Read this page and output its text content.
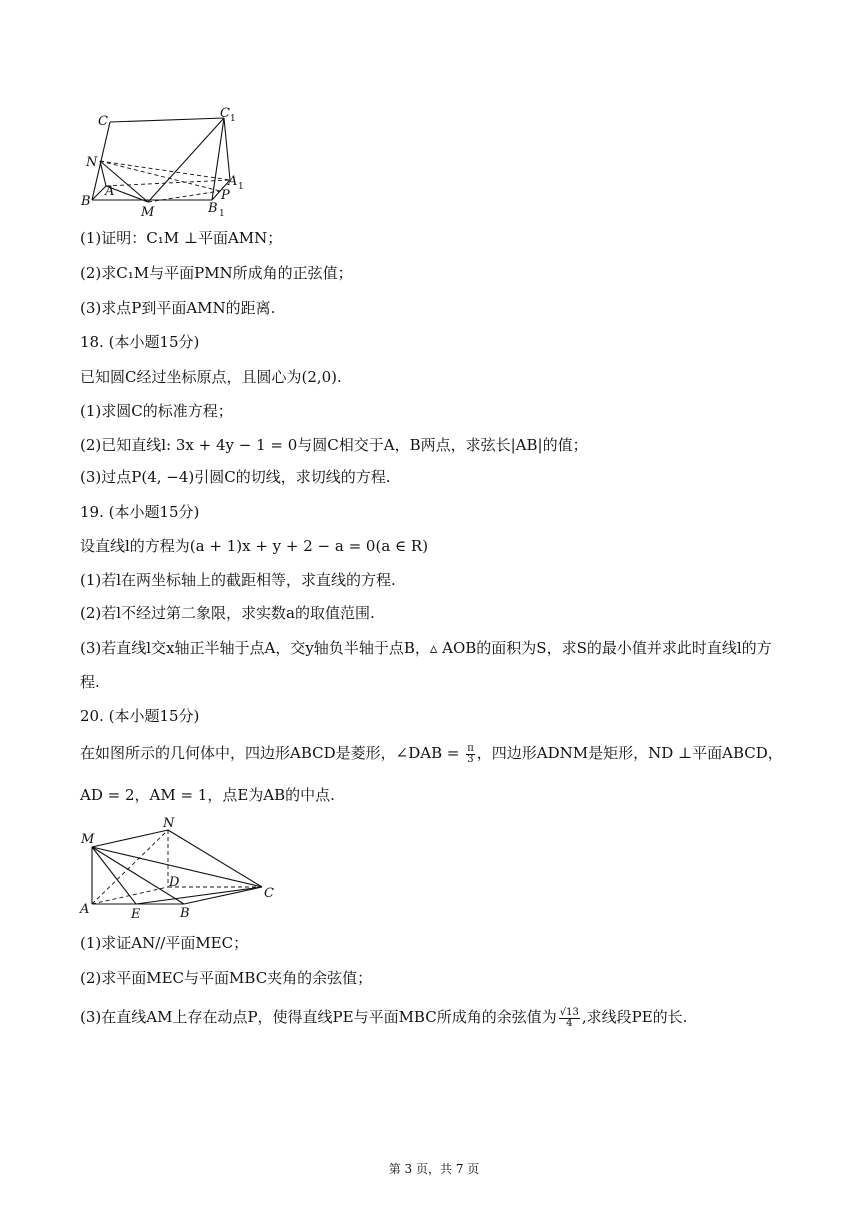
C
C 1
N
A
A 1
P
B
M	B 1
(1)证明：C₁M ⊥平面AMN；
(2)求C₁M与平面PMN所成角的正弦值；
(3)求点P到平面AMN的距离.
18. (本小题15分)
已知圆C经过坐标原点，且圆心为(2,0).
(1)求圆C的标准方程；
(2)已知直线l: 3x + 4y − 1 = 0与圆C相交于A，B两点，求弦长|AB|的值；
(3)过点P(4, −4)引圆C的切线，求切线的方程.
19. (本小题15分)
设直线l的方程为(a + 1)x + y + 2 − a = 0(a ∈ R)
(1)若l在两坐标轴上的截距相等，求直线的方程.
(2)若l不经过第二象限，求实数a的取值范围.
(3)若直线l交x轴正半轴于点A，交y轴负半轴于点B，▵ AOB的面积为S，求S的最小值并求此时直线l的方
程.
20. (本小题15分)
在如图所示的几何体中，四边形ABCD是菱形，∠DAB = $\frac{\pi}{3}$ ，四边形ADNM是矩形，ND ⊥平面ABCD，
AD = 2，AM = 1，点E为AB的中点.
M
N
D
A	E	B
C
(1)求证AN//平面MEC；
(2)求平面MEC与平面MBC夹角的余弦值；
(3)在直线AM上存在动点P，使得直线PE与平面MBC所成角的余弦值为 $\frac{√13}{4}$ ,求线段PE的长.
第 3 页，共 7 页
